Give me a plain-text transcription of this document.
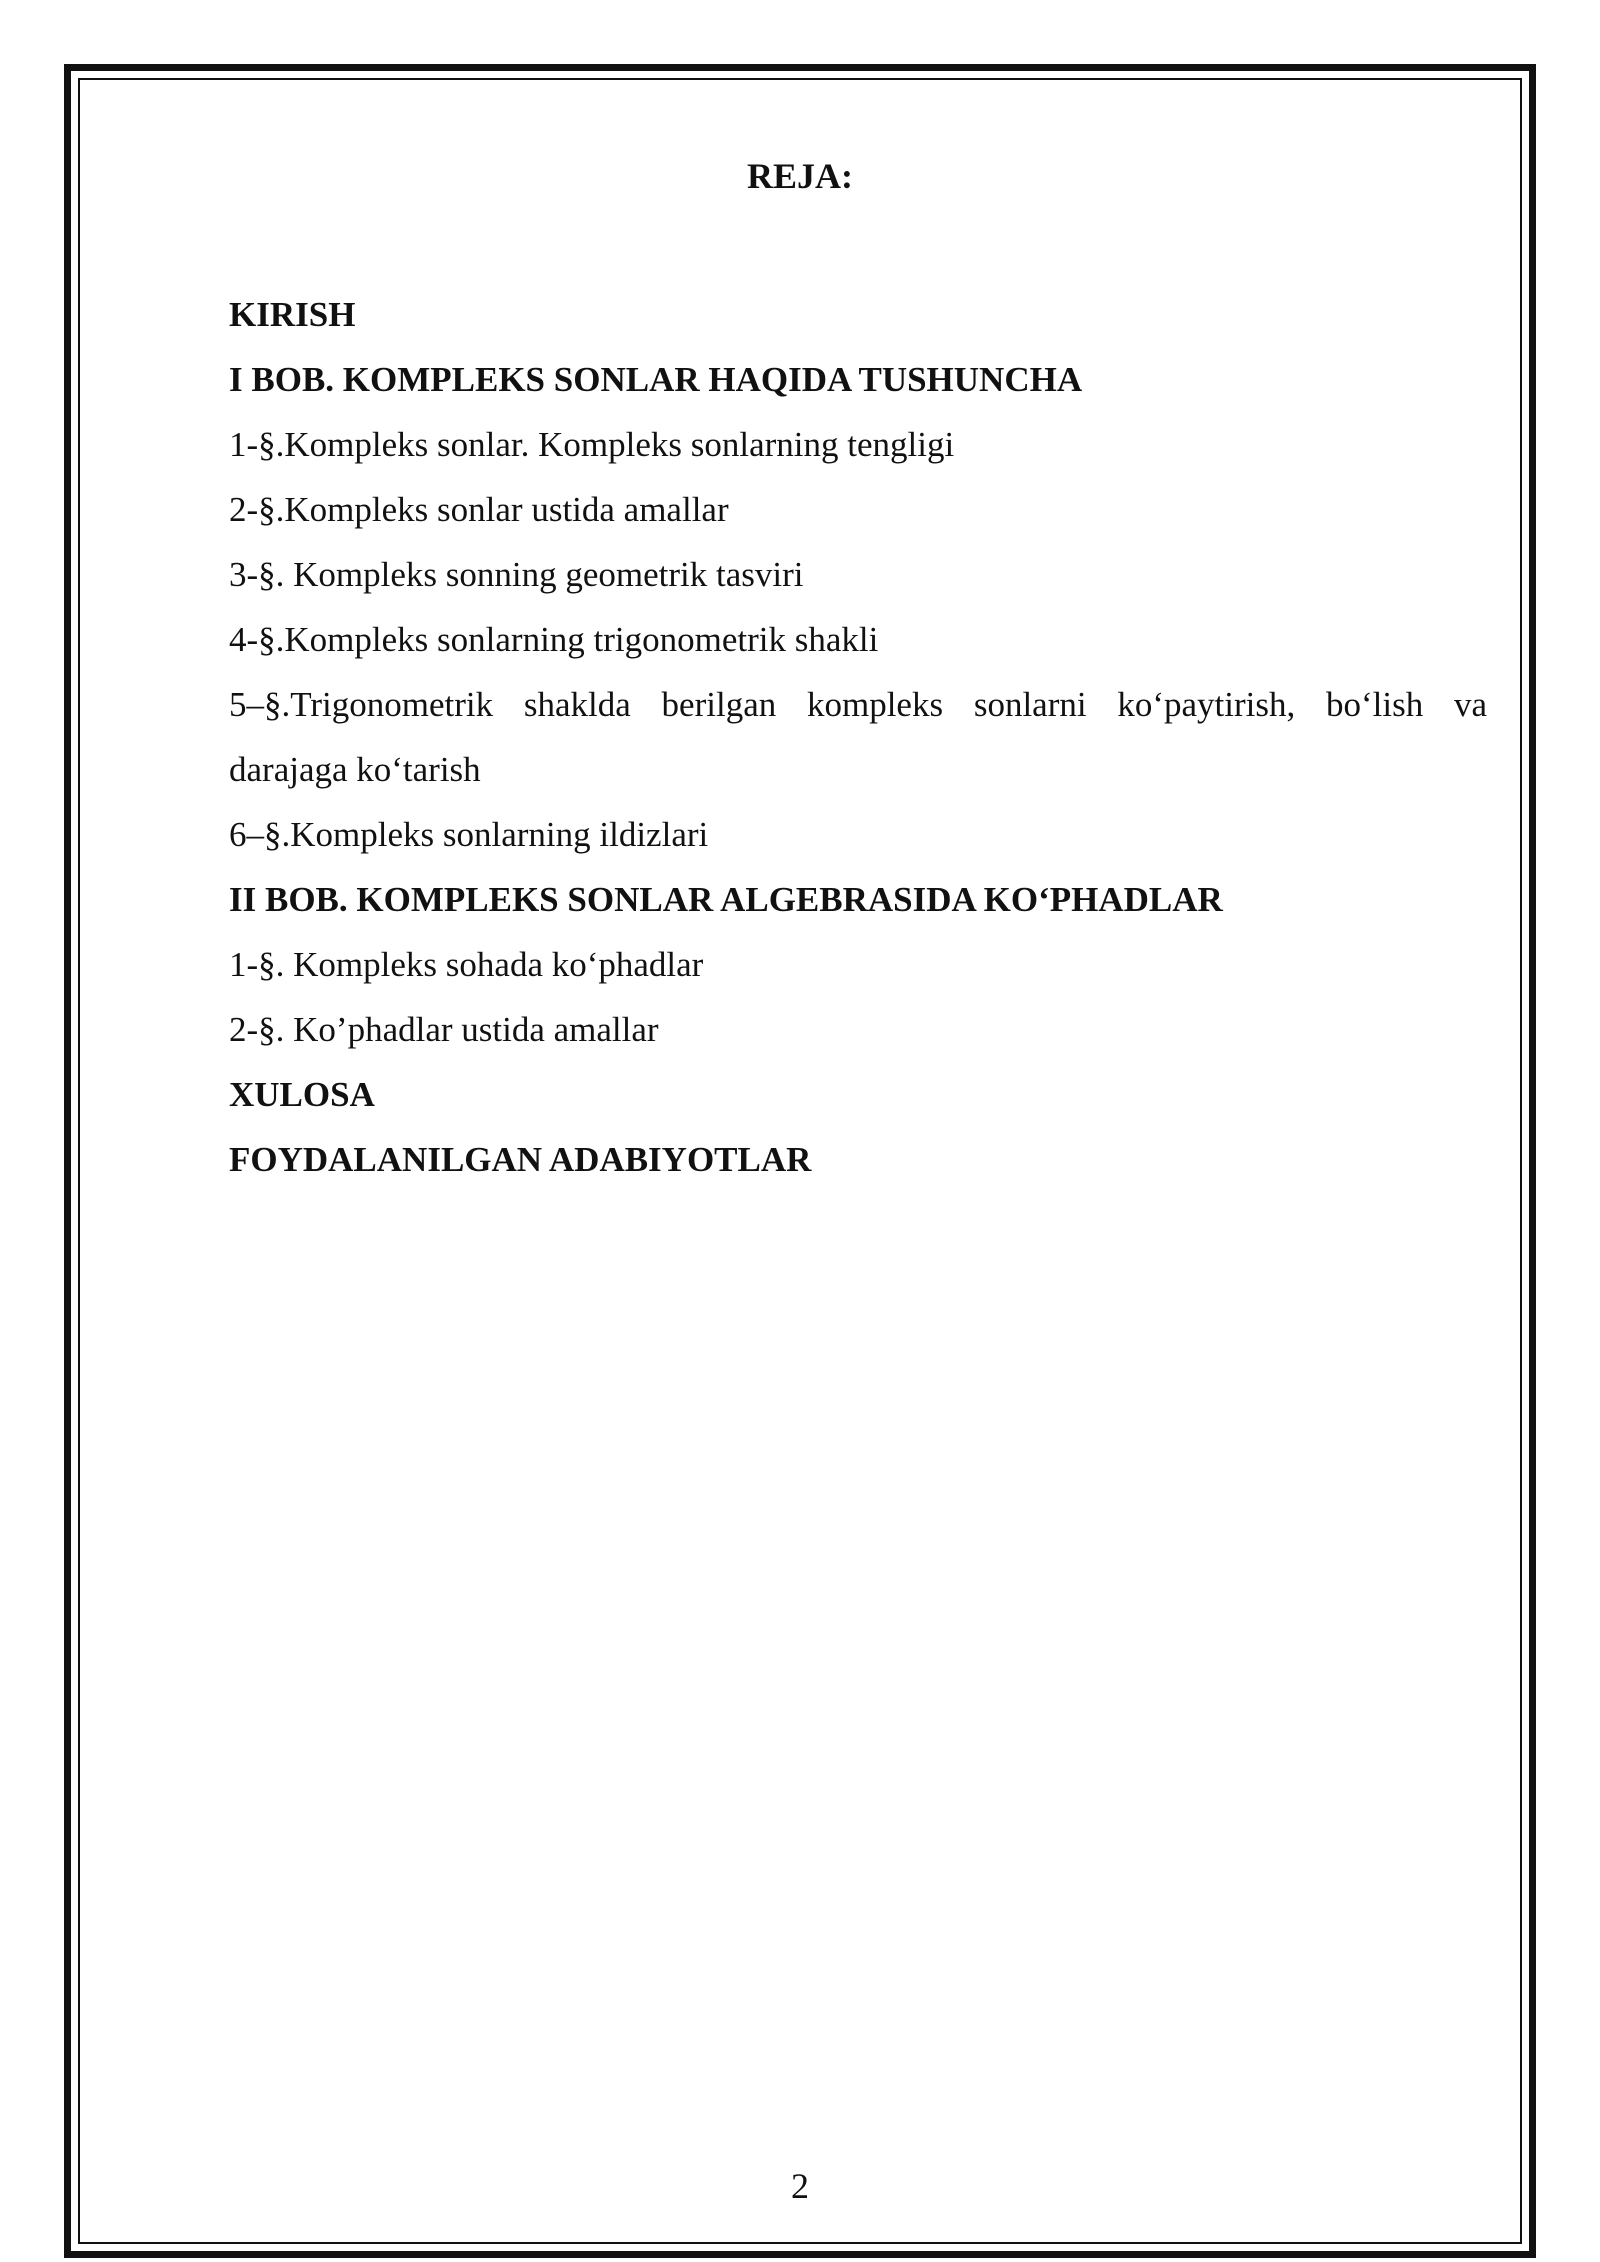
REJA:
KIRISH
I BOB. KOMPLEKS SONLAR HAQIDA TUSHUNCHA
1-§.Kompleks sonlar. Kompleks sonlarning tengligi
2-§.Kompleks sonlar ustida amallar
3-§. Kompleks sonning geometrik tasviri
4-§.Kompleks sonlarning trigonometrik shakli
5–§.Trigonometrik shaklda berilgan kompleks sonlarni ko‘paytirish, bo‘lish va
darajaga ko‘tarish
6–§.Kompleks sonlarning ildizlari
II BOB. KOMPLEKS SONLAR ALGEBRASIDA KO‘PHADLAR
1-§. Kompleks sohada ko‘phadlar
2-§. Ko’phadlar ustida amallar
XULOSA
FOYDALANILGAN ADABIYOTLAR
2
